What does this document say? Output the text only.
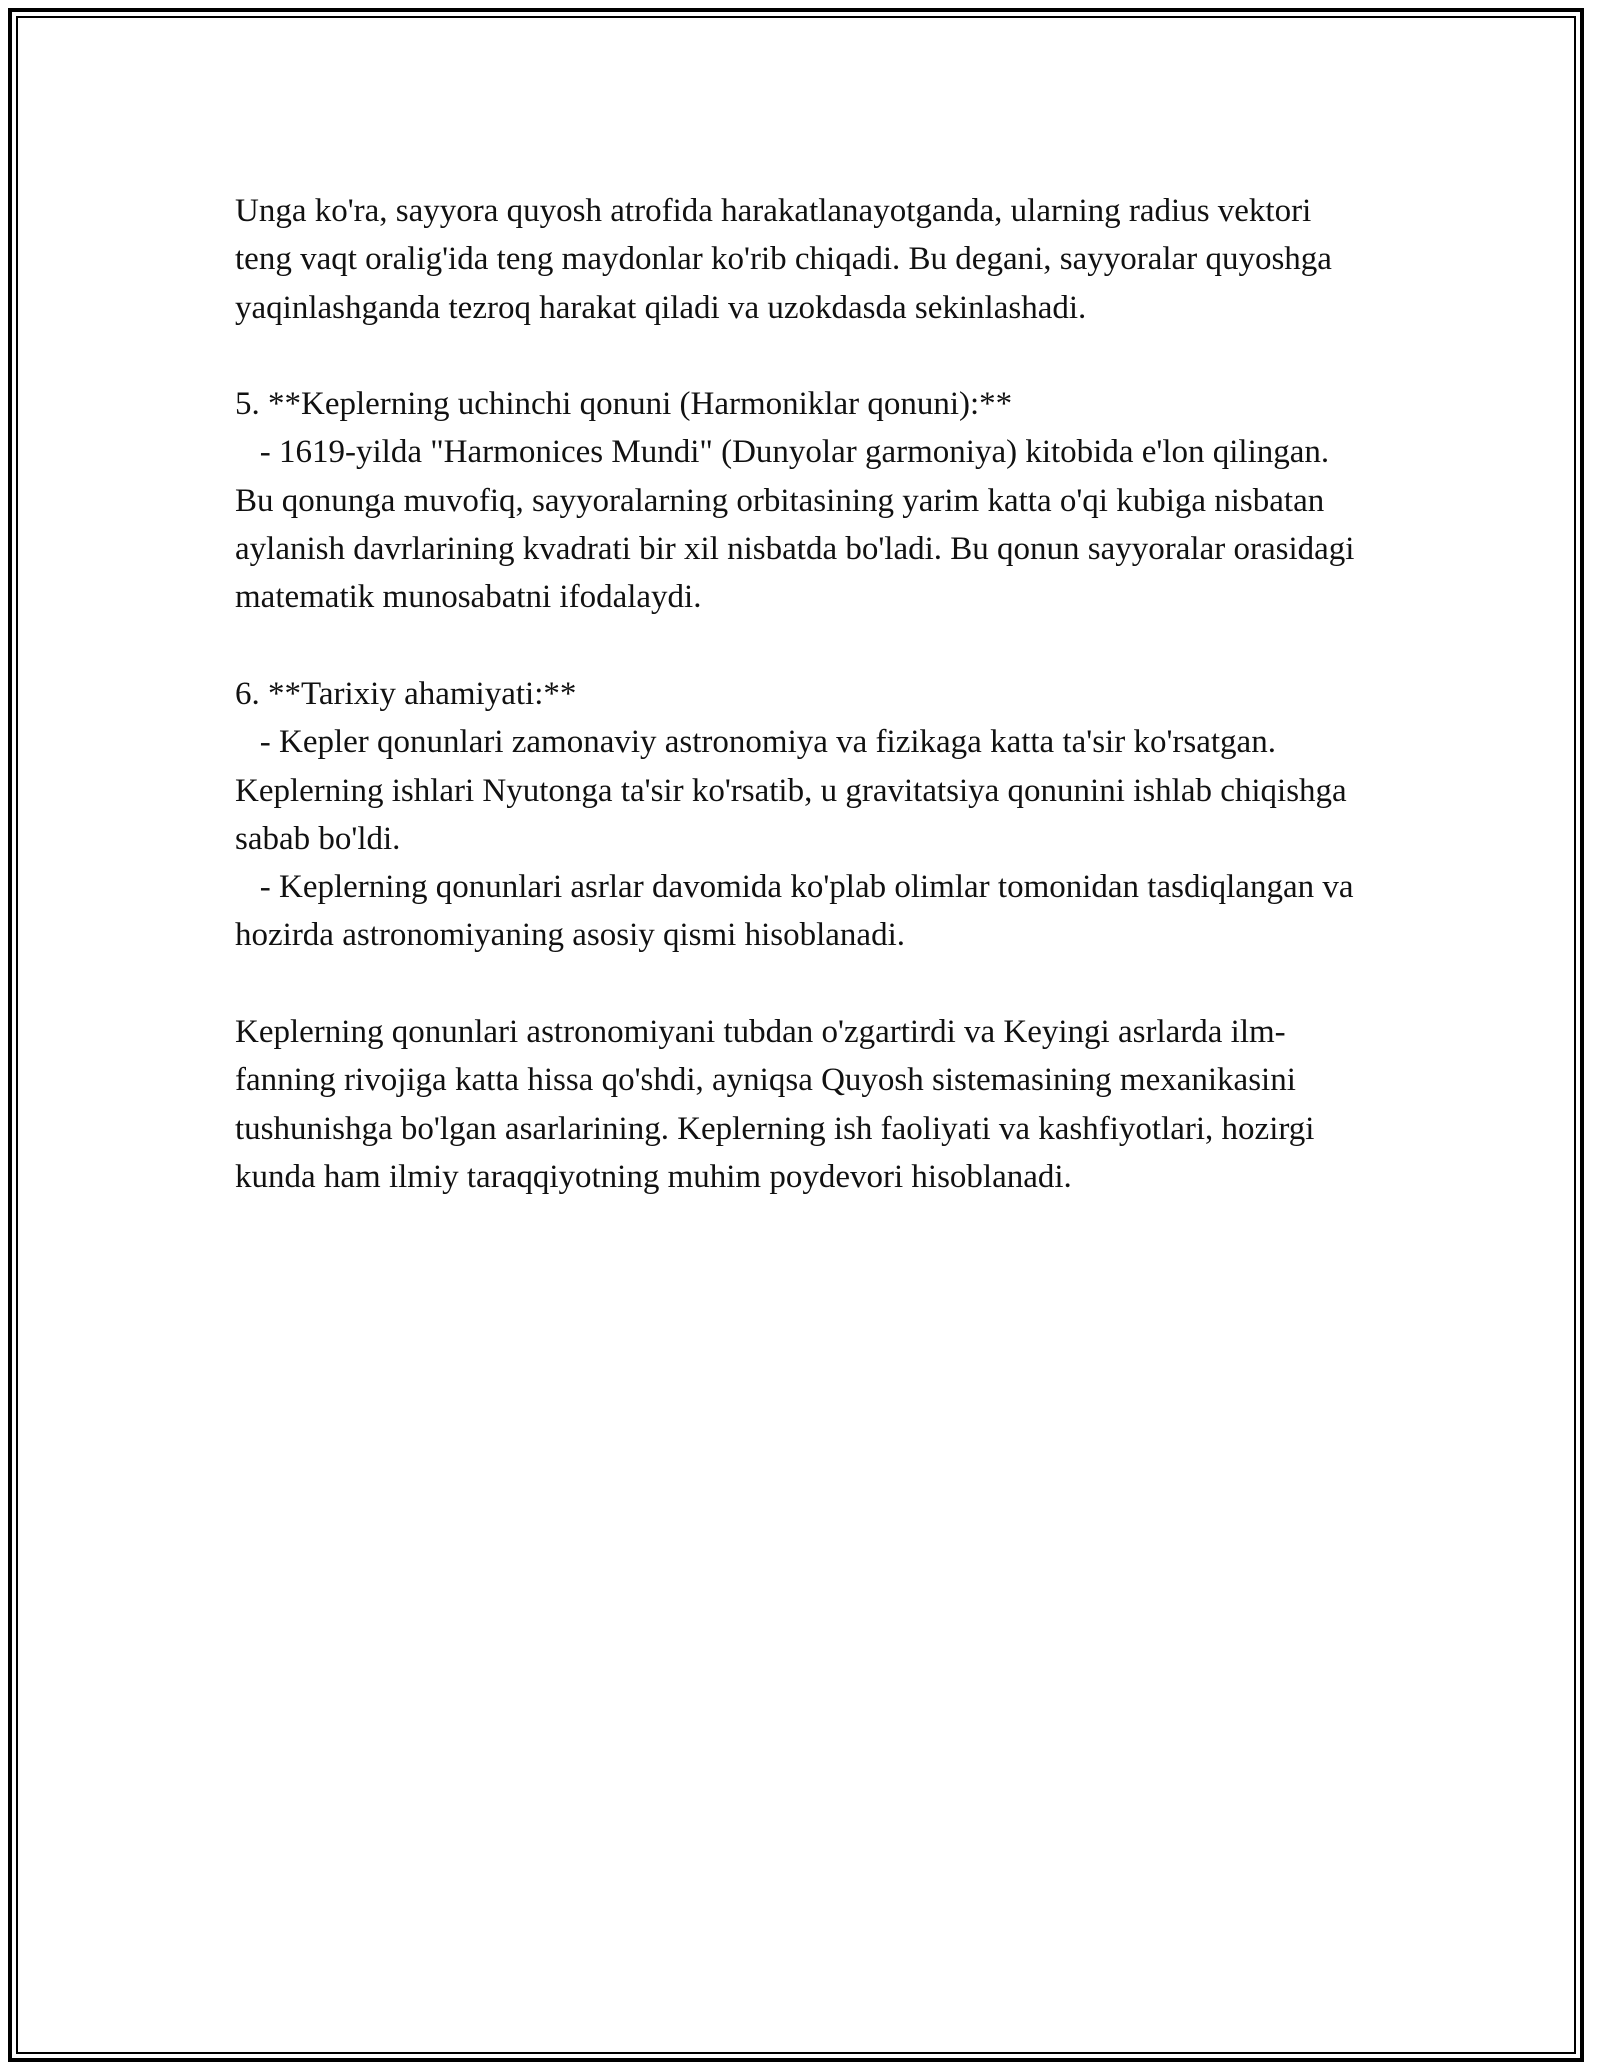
Unga ko'ra, sayyora quyosh atrofida harakatlanayotganda, ularning radius vektori teng vaqt oralig'ida teng maydonlar ko'rib chiqadi. Bu degani, sayyoralar quyoshga yaqinlashganda tezroq harakat qiladi va uzokdasda sekinlashadi.

5. **Keplerning uchinchi qonuni (Harmoniklar qonuni):**

- 1619-yilda "Harmonices Mundi" (Dunyolar garmoniya) kitobida e'lon qilingan. Bu qonunga muvofiq, sayyoralarning orbitasining yarim katta o'qi kubiga nisbatan aylanish davrlarining kvadrati bir xil nisbatda bo'ladi. Bu qonun sayyoralar orasidagi matematik munosabatni ifodalaydi.

6. **Tarixiy ahamiyati:**

- Kepler qonunlari zamonaviy astronomiya va fizikaga katta ta'sir ko'rsatgan. Keplerning ishlari Nyutonga ta'sir ko'rsatib, u gravitatsiya qonunini ishlab chiqishga sabab bo'ldi.

- Keplerning qonunlari asrlar davomida ko'plab olimlar tomonidan tasdiqlangan va hozirda astronomiyaning asosiy qismi hisoblanadi.

Keplerning qonunlari astronomiyani tubdan o'zgartirdi va Keyingi asrlarda ilm-fanning rivojiga katta hissa qo'shdi, ayniqsa Quyosh sistemasining mexanikasini tushunishga bo'lgan asarlarining. Keplerning ish faoliyati va kashfiyotlari, hozirgi kunda ham ilmiy taraqqiyotning muhim poydevori hisoblanadi.
